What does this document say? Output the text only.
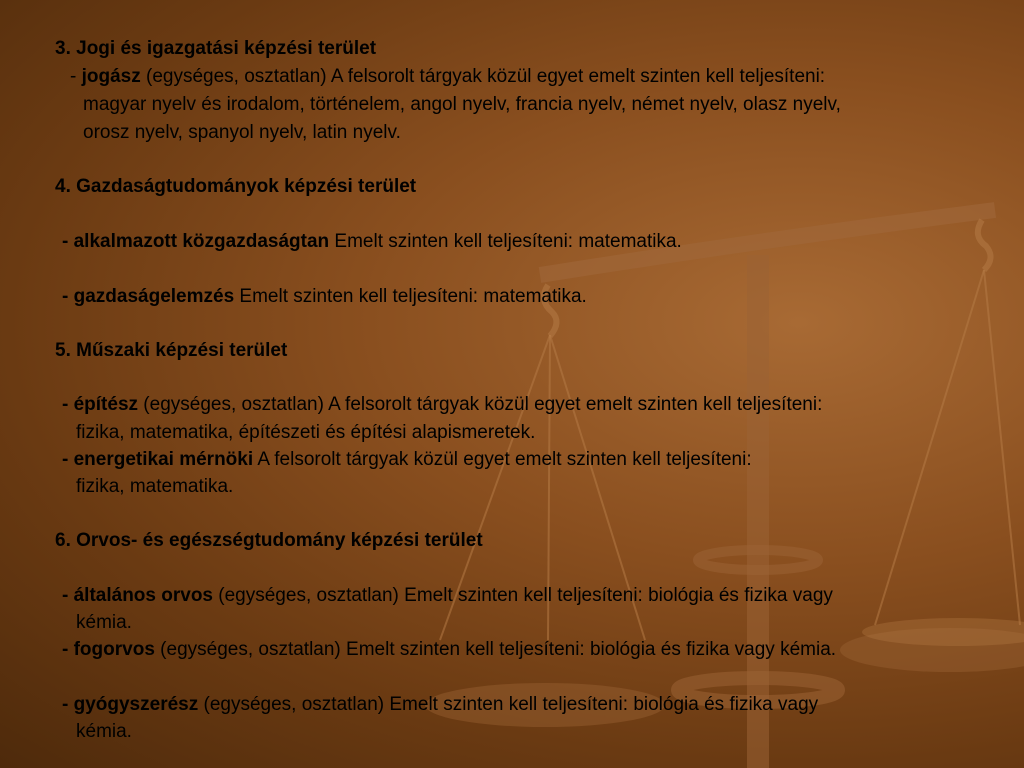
3. Jogi és igazgatási képzési terület
- jogász (egységes, osztatlan) A felsorolt tárgyak közül egyet emelt szinten kell teljesíteni:
magyar nyelv és irodalom, történelem, angol nyelv, francia nyelv, német nyelv, olasz nyelv,
orosz nyelv, spanyol nyelv, latin nyelv.
4. Gazdaságtudományok képzési terület
- alkalmazott közgazdaságtan Emelt szinten kell teljesíteni: matematika.
- gazdaságelemzés Emelt szinten kell teljesíteni: matematika.
5. Műszaki képzési terület
- építész (egységes, osztatlan) A felsorolt tárgyak közül egyet emelt szinten kell teljesíteni:
fizika, matematika, építészeti és építési alapismeretek.
- energetikai mérnöki A felsorolt tárgyak közül egyet emelt szinten kell teljesíteni:
fizika, matematika.
6. Orvos- és egészségtudomány képzési terület
- általános orvos (egységes, osztatlan) Emelt szinten kell teljesíteni: biológia és fizika vagy
kémia.
- fogorvos (egységes, osztatlan) Emelt szinten kell teljesíteni: biológia és fizika vagy kémia.
- gyógyszerész (egységes, osztatlan) Emelt szinten kell teljesíteni: biológia és fizika vagy
kémia.
